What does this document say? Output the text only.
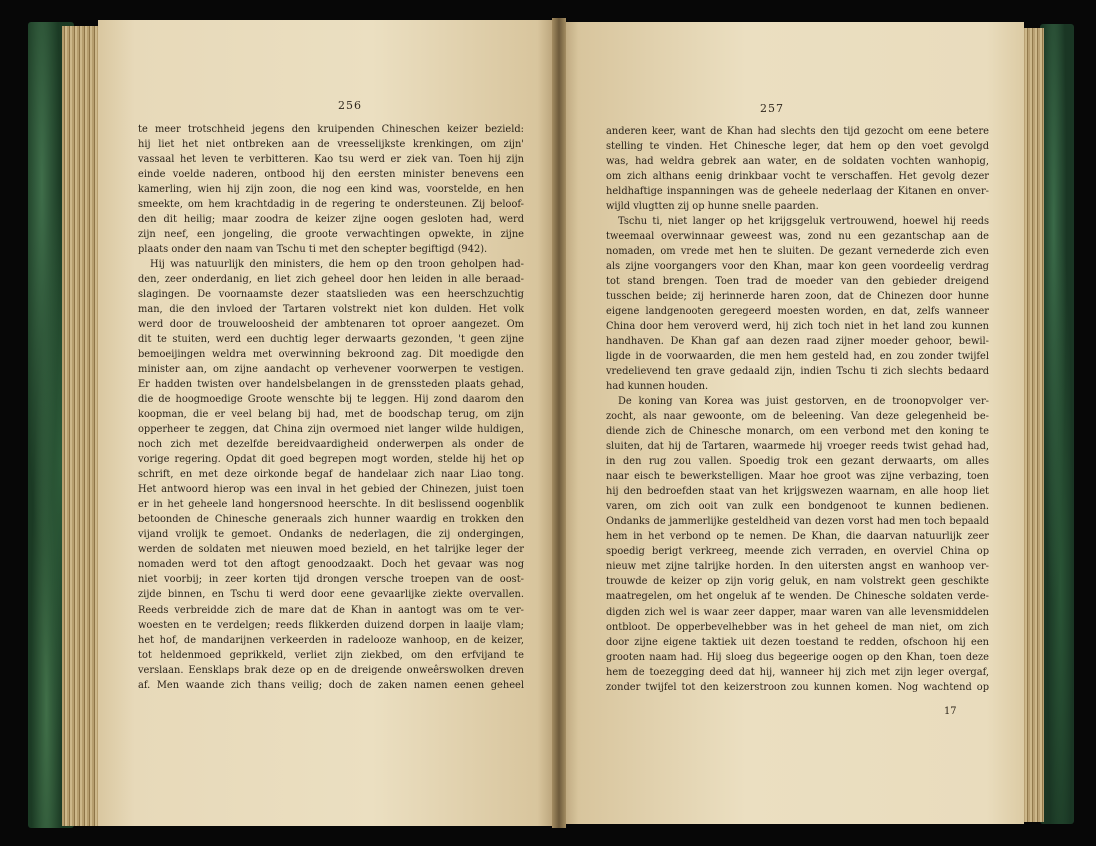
256
te meer trotschheid jegens den kruipenden Chineschen keizer bezield:
hij liet het niet ontbreken aan de vreesselijkste krenkingen, om zijn'
vassaal het leven te verbitteren. Kao tsu werd er ziek van. Toen hij zijn
einde voelde naderen, ontbood hij den eersten minister benevens een
kamerling, wien hij zijn zoon, die nog een kind was, voorstelde, en hen
smeekte, om hem krachtdadig in de regering te ondersteunen. Zij beloof-
den dit heilig; maar zoodra de keizer zijne oogen gesloten had, werd
zijn neef, een jongeling, die groote verwachtingen opwekte, in zijne
plaats onder den naam van Tschu ti met den schepter begiftigd (942).
Hij was natuurlijk den ministers, die hem op den troon geholpen had-
den, zeer onderdanig, en liet zich geheel door hen leiden in alle beraad-
slagingen. De voornaamste dezer staatslieden was een heerschzuchtig
man, die den invloed der Tartaren volstrekt niet kon dulden. Het volk
werd door de trouweloosheid der ambtenaren tot oproer aangezet. Om
dit te stuiten, werd een duchtig leger derwaarts gezonden, 't geen zijne
bemoeijingen weldra met overwinning bekroond zag. Dit moedigde den
minister aan, om zijne aandacht op verhevener voorwerpen te vestigen.
Er hadden twisten over handelsbelangen in de grenssteden plaats gehad,
die de hoogmoedige Groote wenschte bij te leggen. Hij zond daarom den
koopman, die er veel belang bij had, met de boodschap terug, om zijn
opperheer te zeggen, dat China zijn overmoed niet langer wilde huldigen,
noch zich met dezelfde bereidvaardigheid onderwerpen als onder de
vorige regering. Opdat dit goed begrepen mogt worden, stelde hij het op
schrift, en met deze oirkonde begaf de handelaar zich naar Liao tong.
Het antwoord hierop was een inval in het gebied der Chinezen, juist toen
er in het geheele land hongersnood heerschte. In dit beslissend oogenblik
betoonden de Chinesche generaals zich hunner waardig en trokken den
vijand vrolijk te gemoet. Ondanks de nederlagen, die zij ondergingen,
werden de soldaten met nieuwen moed bezield, en het talrijke leger der
nomaden werd tot den aftogt genoodzaakt. Doch het gevaar was nog
niet voorbij; in zeer korten tijd drongen versche troepen van de oost-
zijde binnen, en Tschu ti werd door eene gevaarlijke ziekte overvallen.
Reeds verbreidde zich de mare dat de Khan in aantogt was om te ver-
woesten en te verdelgen; reeds flikkerden duizend dorpen in laaije vlam;
het hof, de mandarijnen verkeerden in radelooze wanhoop, en de keizer,
tot heldenmoed geprikkeld, verliet zijn ziekbed, om den erfvijand te
verslaan. Eensklaps brak deze op en de dreigende onweêrswolken dreven
af. Men waande zich thans veilig; doch de zaken namen eenen geheel
257
anderen keer, want de Khan had slechts den tijd gezocht om eene betere
stelling te vinden. Het Chinesche leger, dat hem op den voet gevolgd
was, had weldra gebrek aan water, en de soldaten vochten wanhopig,
om zich althans eenig drinkbaar vocht te verschaffen. Het gevolg dezer
heldhaftige inspanningen was de geheele nederlaag der Kitanen en onver-
wijld vlugtten zij op hunne snelle paarden.
Tschu ti, niet langer op het krijgsgeluk vertrouwend, hoewel hij reeds
tweemaal overwinnaar geweest was, zond nu een gezantschap aan de
nomaden, om vrede met hen te sluiten. De gezant vernederde zich even
als zijne voorgangers voor den Khan, maar kon geen voordeelig verdrag
tot stand brengen. Toen trad de moeder van den gebieder dreigend
tusschen beide; zij herinnerde haren zoon, dat de Chinezen door hunne
eigene landgenooten geregeerd moesten worden, en dat, zelfs wanneer
China door hem veroverd werd, hij zich toch niet in het land zou kunnen
handhaven. De Khan gaf aan dezen raad zijner moeder gehoor, bewil-
ligde in de voorwaarden, die men hem gesteld had, en zou zonder twijfel
vredelievend ten grave gedaald zijn, indien Tschu ti zich slechts bedaard
had kunnen houden.
De koning van Korea was juist gestorven, en de troonopvolger ver-
zocht, als naar gewoonte, om de beleening. Van deze gelegenheid be-
diende zich de Chinesche monarch, om een verbond met den koning te
sluiten, dat hij de Tartaren, waarmede hij vroeger reeds twist gehad had,
in den rug zou vallen. Spoedig trok een gezant derwaarts, om alles
naar eisch te bewerkstelligen. Maar hoe groot was zijne verbazing, toen
hij den bedroefden staat van het krijgswezen waarnam, en alle hoop liet
varen, om zich ooit van zulk een bondgenoot te kunnen bedienen.
Ondanks de jammerlijke gesteldheid van dezen vorst had men toch bepaald
hem in het verbond op te nemen. De Khan, die daarvan natuurlijk zeer
spoedig berigt verkreeg, meende zich verraden, en overviel China op
nieuw met zijne talrijke horden. In den uitersten angst en wanhoop ver-
trouwde de keizer op zijn vorig geluk, en nam volstrekt geen geschikte
maatregelen, om het ongeluk af te wenden. De Chinesche soldaten verde-
digden zich wel is waar zeer dapper, maar waren van alle levensmiddelen
ontbloot. De opperbevelhebber was in het geheel de man niet, om zich
door zijne eigene taktiek uit dezen toestand te redden, ofschoon hij een
grooten naam had. Hij sloeg dus begeerige oogen op den Khan, toen deze
hem de toezegging deed dat hij, wanneer hij zich met zijn leger overgaf,
zonder twijfel tot den keizerstroon zou kunnen komen. Nog wachtend op
17
